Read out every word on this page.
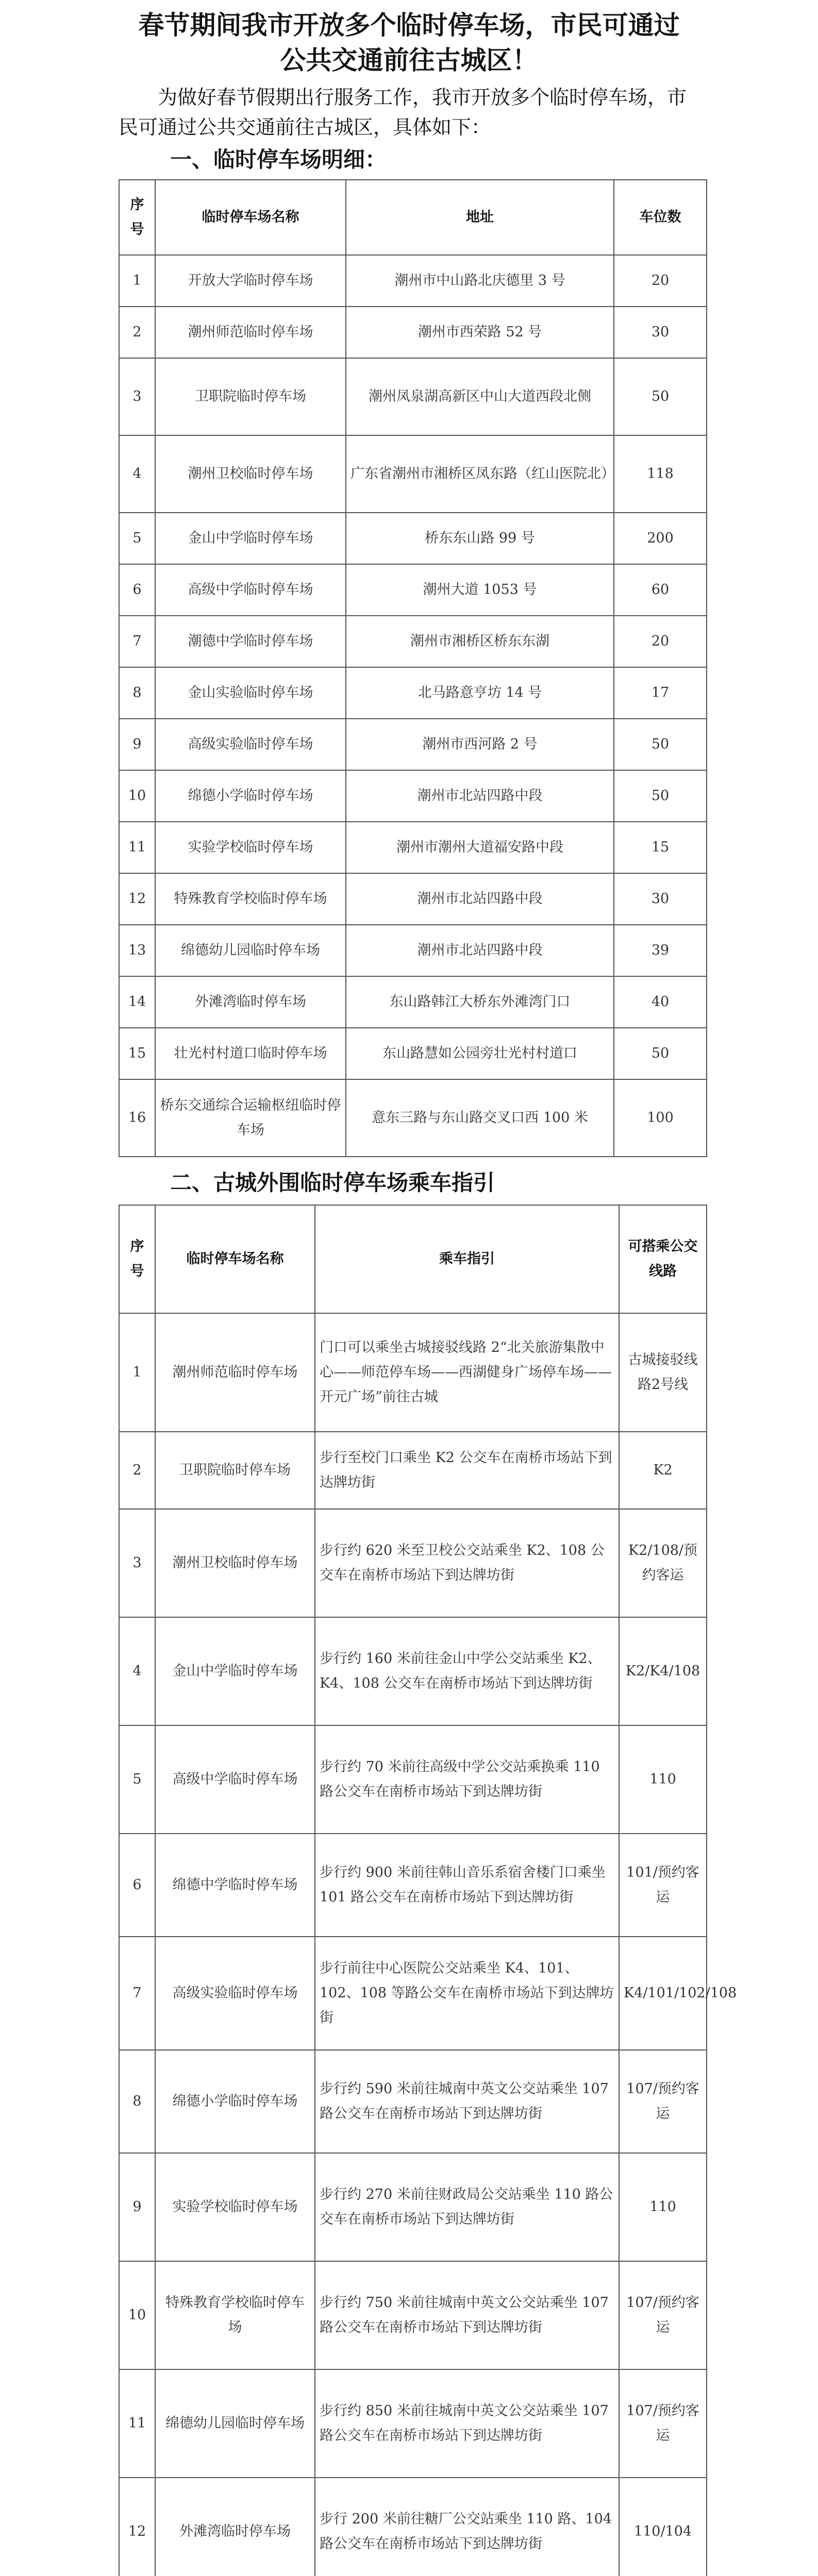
春节期间我市开放多个临时停车场，市民可通过
公共交通前往古城区！
为做好春节假期出行服务工作，我市开放多个临时停车场，市民可通过公共交通前往古城区，具体如下：
一、临时停车场明细：
序号	临时停车场名称	地址	车位数
1	开放大学临时停车场	潮州市中山路北庆德里 3 号	20
2	潮州师范临时停车场	潮州市西荣路 52 号	30
3	卫职院临时停车场	潮州凤泉湖高新区中山大道西段北侧	50
4	潮州卫校临时停车场	广东省潮州市湘桥区凤东路（红山医院北）	118
5	金山中学临时停车场	桥东东山路 99 号	200
6	高级中学临时停车场	潮州大道 1053 号	60
7	潮德中学临时停车场	潮州市湘桥区桥东东湖	20
8	金山实验临时停车场	北马路意亨坊 14 号	17
9	高级实验临时停车场	潮州市西河路 2 号	50
10	绵德小学临时停车场	潮州市北站四路中段	50
11	实验学校临时停车场	潮州市潮州大道福安路中段	15
12	特殊教育学校临时停车场	潮州市北站四路中段	30
13	绵德幼儿园临时停车场	潮州市北站四路中段	39
14	外滩湾临时停车场	东山路韩江大桥东外滩湾门口	40
15	壮光村村道口临时停车场	东山路慧如公园旁壮光村村道口	50
16	桥东交通综合运输枢纽临时停车场	意东三路与东山路交叉口西 100 米	100
二、古城外围临时停车场乘车指引
序号	临时停车场名称	乘车指引	可搭乘公交线路
1	潮州师范临时停车场	门口可以乘坐古城接驳线路 2“北关旅游集散中心——师范停车场——西湖健身广场停车场——开元广场”前往古城	古城接驳线路2号线
2	卫职院临时停车场	步行至校门口乘坐 K2 公交车在南桥市场站下到达牌坊街	K2
3	潮州卫校临时停车场	步行约 620 米至卫校公交站乘坐 K2、108 公交车在南桥市场站下到达牌坊街	K2/108/预约客运
4	金山中学临时停车场	步行约 160 米前往金山中学公交站乘坐 K2、K4、108 公交车在南桥市场站下到达牌坊街	K2/K4/108
5	高级中学临时停车场	步行约 70 米前往高级中学公交站乘换乘 110 路公交车在南桥市场站下到达牌坊街	110
6	绵德中学临时停车场	步行约 900 米前往韩山音乐系宿舍楼门口乘坐 101 路公交车在南桥市场站下到达牌坊街	101/预约客运
7	高级实验临时停车场	步行前往中心医院公交站乘坐 K4、101、102、108 等路公交车在南桥市场站下到达牌坊街	K4/101/102/108
8	绵德小学临时停车场	步行约 590 米前往城南中英文公交站乘坐 107 路公交车在南桥市场站下到达牌坊街	107/预约客运
9	实验学校临时停车场	步行约 270 米前往财政局公交站乘坐 110 路公交车在南桥市场站下到达牌坊街	110
10	特殊教育学校临时停车场	步行约 750 米前往城南中英文公交站乘坐 107 路公交车在南桥市场站下到达牌坊街	107/预约客运
11	绵德幼儿园临时停车场	步行约 850 米前往城南中英文公交站乘坐 107 路公交车在南桥市场站下到达牌坊街	107/预约客运
12	外滩湾临时停车场	步行 200 米前往糖厂公交站乘坐 110 路、104 路公交车在南桥市场站下到达牌坊街	110/104
